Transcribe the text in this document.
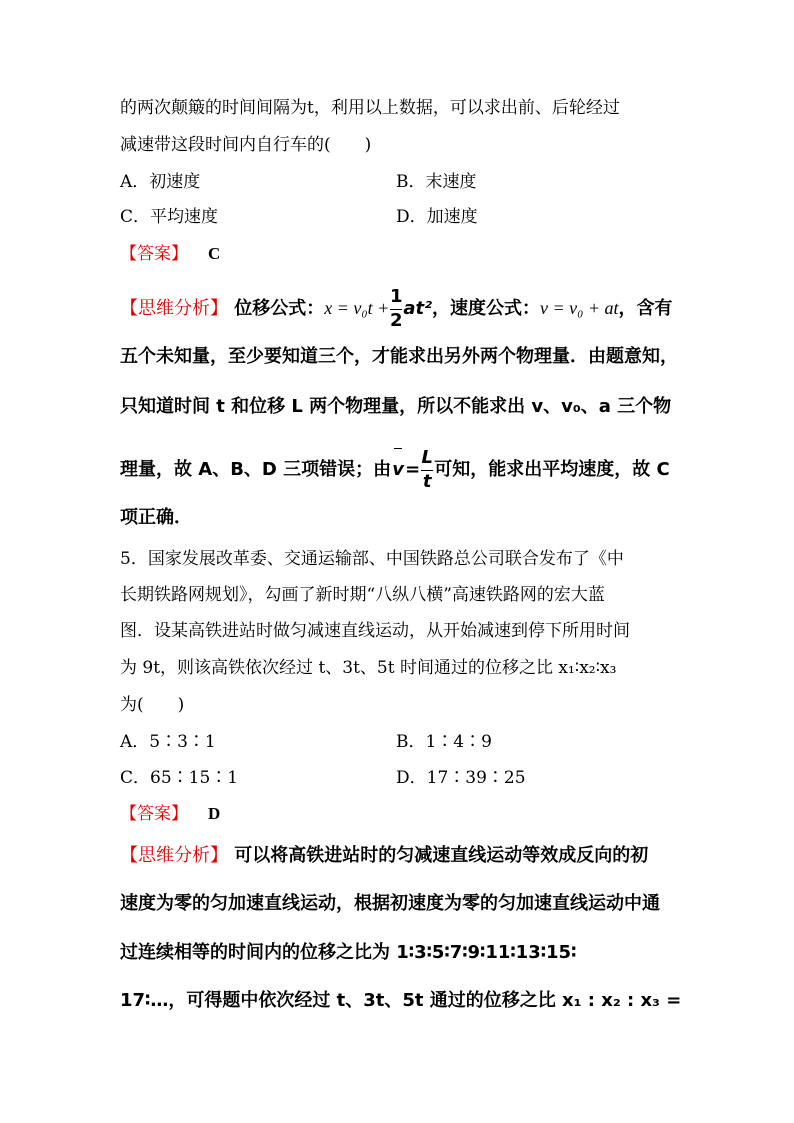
的两次颠簸的时间间隔为t，利用以上数据，可以求出前、后轮经过
减速带这段时间内自行车的(　　)
A．初速度	B．末速度
C．平均速度	D．加速度
【答案】 C
【思维分析】 位移公式：$x = v_0t + \frac{1}{2} at^2$，速度公式：v = v₀ + at，含有
五个未知量，至少要知道三个，才能求出另外两个物理量．由题意知，
只知道时间 t 和位移 L 两个物理量，所以不能求出 v、v₀、a 三个物
理量，故 A、B、D 三项错误；由
$v= \frac{L}{t}$ 可知，能求出平均速度，故 C
项正确．
5．国家发展改革委、交通运输部、中国铁路总公司联合发布了《中
长期铁路网规划》，勾画了新时期“八纵八横”高速铁路网的宏大蓝
图．设某高铁进站时做匀减速直线运动，从开始减速到停下所用时间
为 9t，则该高铁依次经过 t、3t、5t 时间通过的位移之比 x₁∶x₂∶x₃
为(　　)
A．5∶3∶1	B．1∶4∶9
C．65∶15∶1	D．17∶39∶25
【答案】 D
【思维分析】 可以将高铁进站时的匀减速直线运动等效成反向的初
速度为零的匀加速直线运动，根据初速度为零的匀加速直线运动中通
过连续相等的时间内的位移之比为 1∶3∶5∶7∶9∶11∶13∶15∶
17∶…，可得题中依次经过 t、3t、5t 通过的位移之比 x₁ : x₂ : x₃ =
